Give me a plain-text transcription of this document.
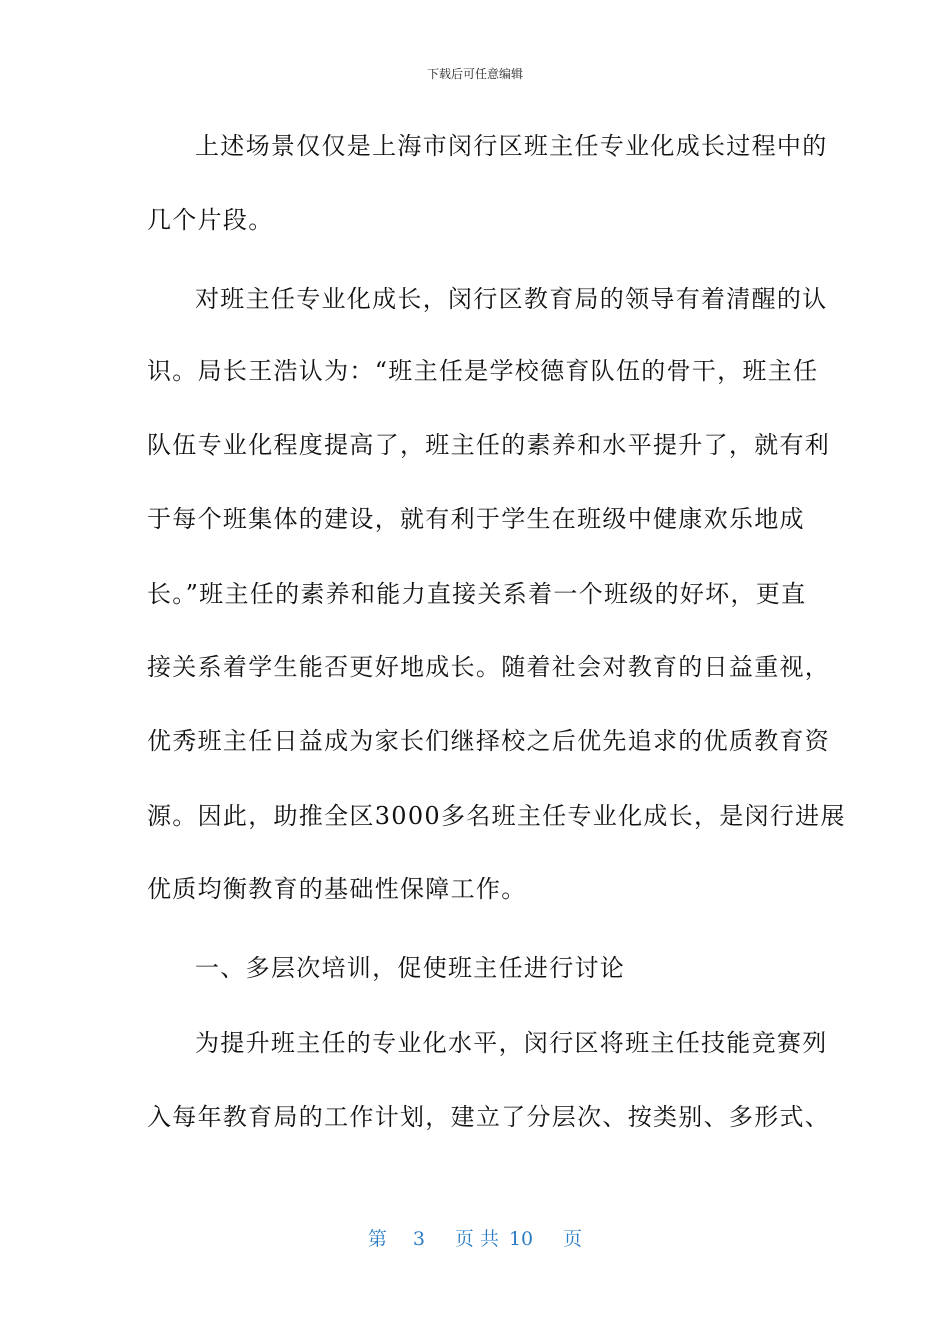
下载后可任意编辑
上述场景仅仅是上海市闵行区班主任专业化成长过程中的
几个片段。
对班主任专业化成长，闵行区教育局的领导有着清醒的认
识。局长王浩认为：“班主任是学校德育队伍的骨干，班主任
队伍专业化程度提高了，班主任的素养和水平提升了，就有利
于每个班集体的建设，就有利于学生在班级中健康欢乐地成
长。”班主任的素养和能力直接关系着一个班级的好坏，更直
接关系着学生能否更好地成长。随着社会对教育的日益重视，
优秀班主任日益成为家长们继择校之后优先追求的优质教育资
源。因此，助推全区3000多名班主任专业化成长，是闵行进展
优质均衡教育的基础性保障工作。
一、多层次培训，促使班主任进行讨论
为提升班主任的专业化水平，闵行区将班主任技能竞赛列
入每年教育局的工作计划，建立了分层次、按类别、多形式、
第 3 页 共 10 页
